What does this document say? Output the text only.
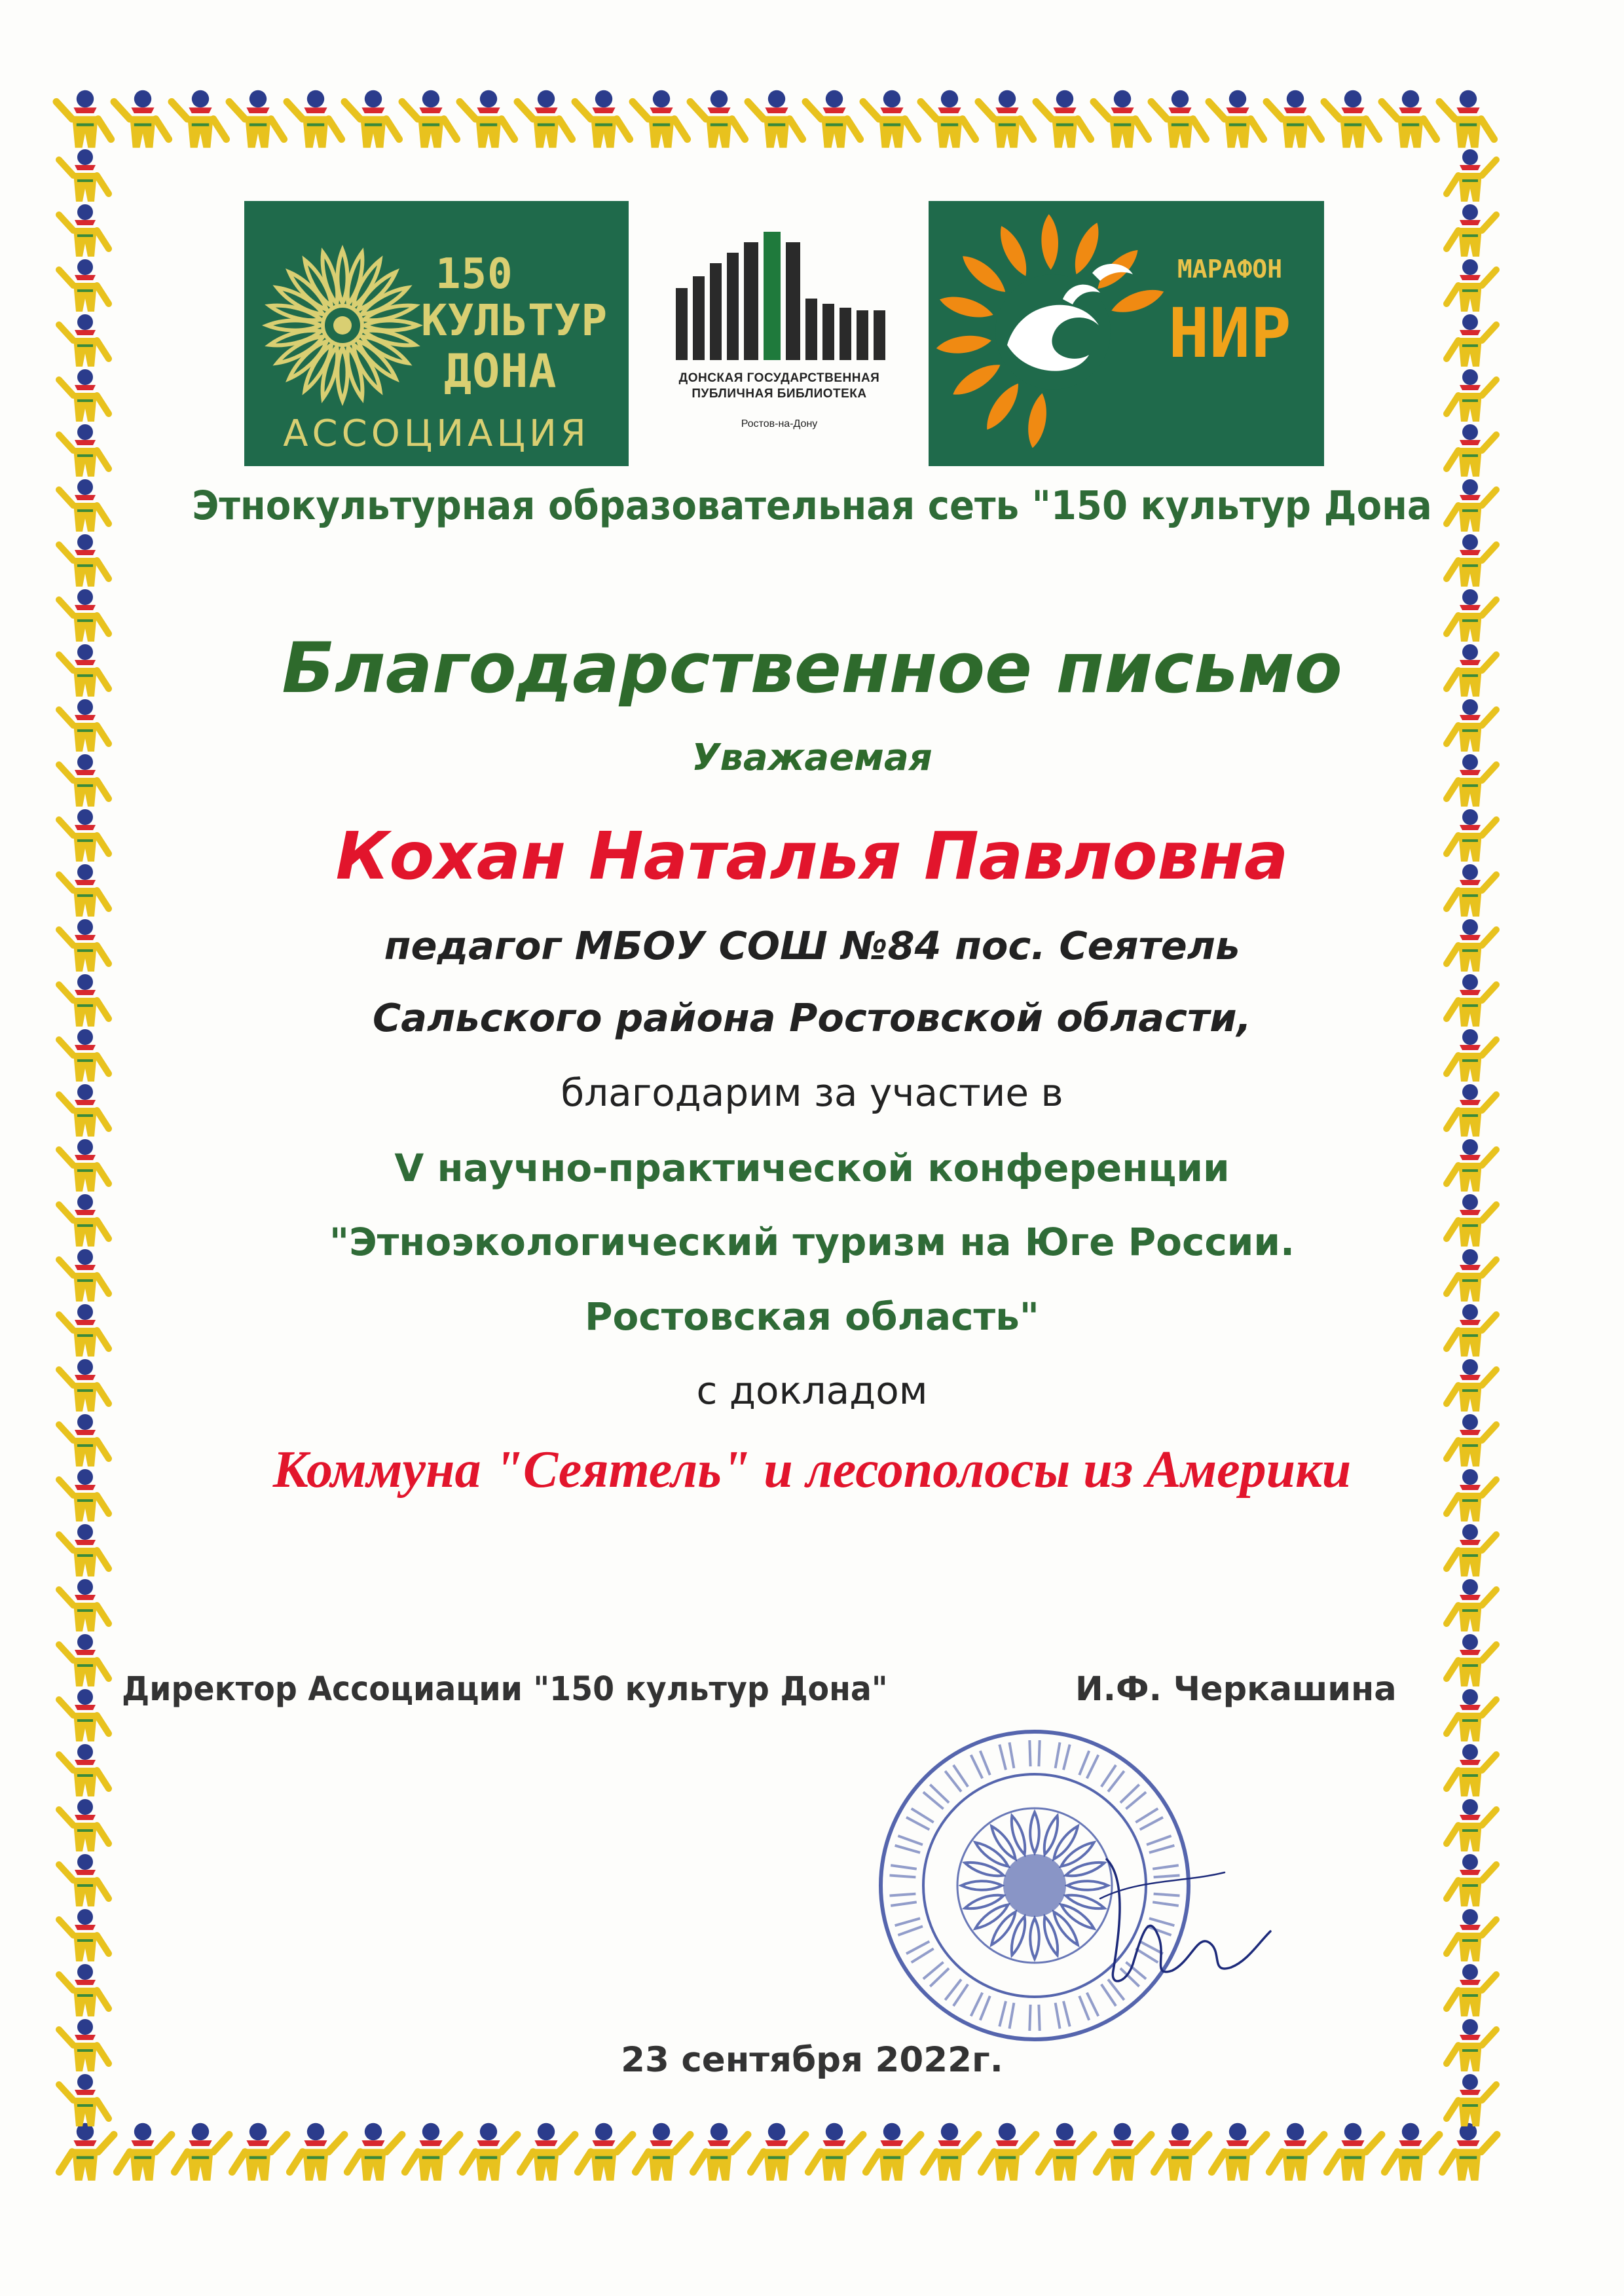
150
КУЛЬТУР
ДОНА
АССОЦИАЦИЯ
ДОНСКАЯ ГОСУДАРСТВЕННАЯ
ПУБЛИЧНАЯ БИБЛИОТЕКА
Ростов-на-Дону
МАРАФОН
НИР
Этнокультурная образовательная сеть "150 культур Дона
Благодарственное письмо
Уважаемая
Кохан Наталья Павловна
педагог МБОУ СОШ №84 пос. Сеятель
Сальского района Ростовской области,
благодарим за участие в
V научно-практической конференции
"Этноэкологический туризм на Юге России.
Ростовская область"
с докладом
Коммуна "Сеятель" и лесополосы из Америки
Директор Ассоциации "150 культур Дона"	И.Ф. Черкашина
23 сентября 2022г.
